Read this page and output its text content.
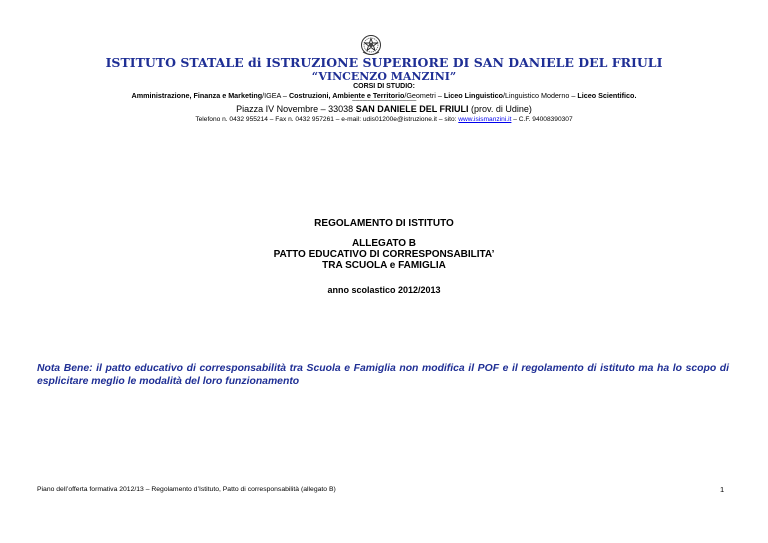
ISTITUTO STATALE di ISTRUZIONE SUPERIORE DI SAN DANIELE DEL FRIULI
“VINCENZO MANZINI”
CORSI DI STUDIO:
Amministrazione, Finanza e Marketing/IGEA – Costruzioni, Ambiente e Territorio/Geometri – Liceo Linguistico/Linguistico Moderno – Liceo Scientifico.
-------------------------------------------------------
Piazza IV Novembre – 33038 SAN DANIELE DEL FRIULI (prov. di Udine)
Telefono n. 0432 955214 – Fax n. 0432 957261 – e-mail: udis01200e@istruzione.it – sito: www.isismanzini.it – C.F. 94008390307
REGOLAMENTO DI ISTITUTO
ALLEGATO B
PATTO EDUCATIVO DI CORRESPONSABILITA’
TRA SCUOLA e FAMIGLIA
anno scolastico 2012/2013
Nota Bene: il patto educativo di corresponsabilità tra Scuola e Famiglia non modifica il POF e il regolamento di istituto ma ha lo scopo di
esplicitare meglio le modalità del loro funzionamento
Piano dell’offerta formativa 2012/13 – Regolamento d’Istituto, Patto di corresponsabilità (allegato B)	1
